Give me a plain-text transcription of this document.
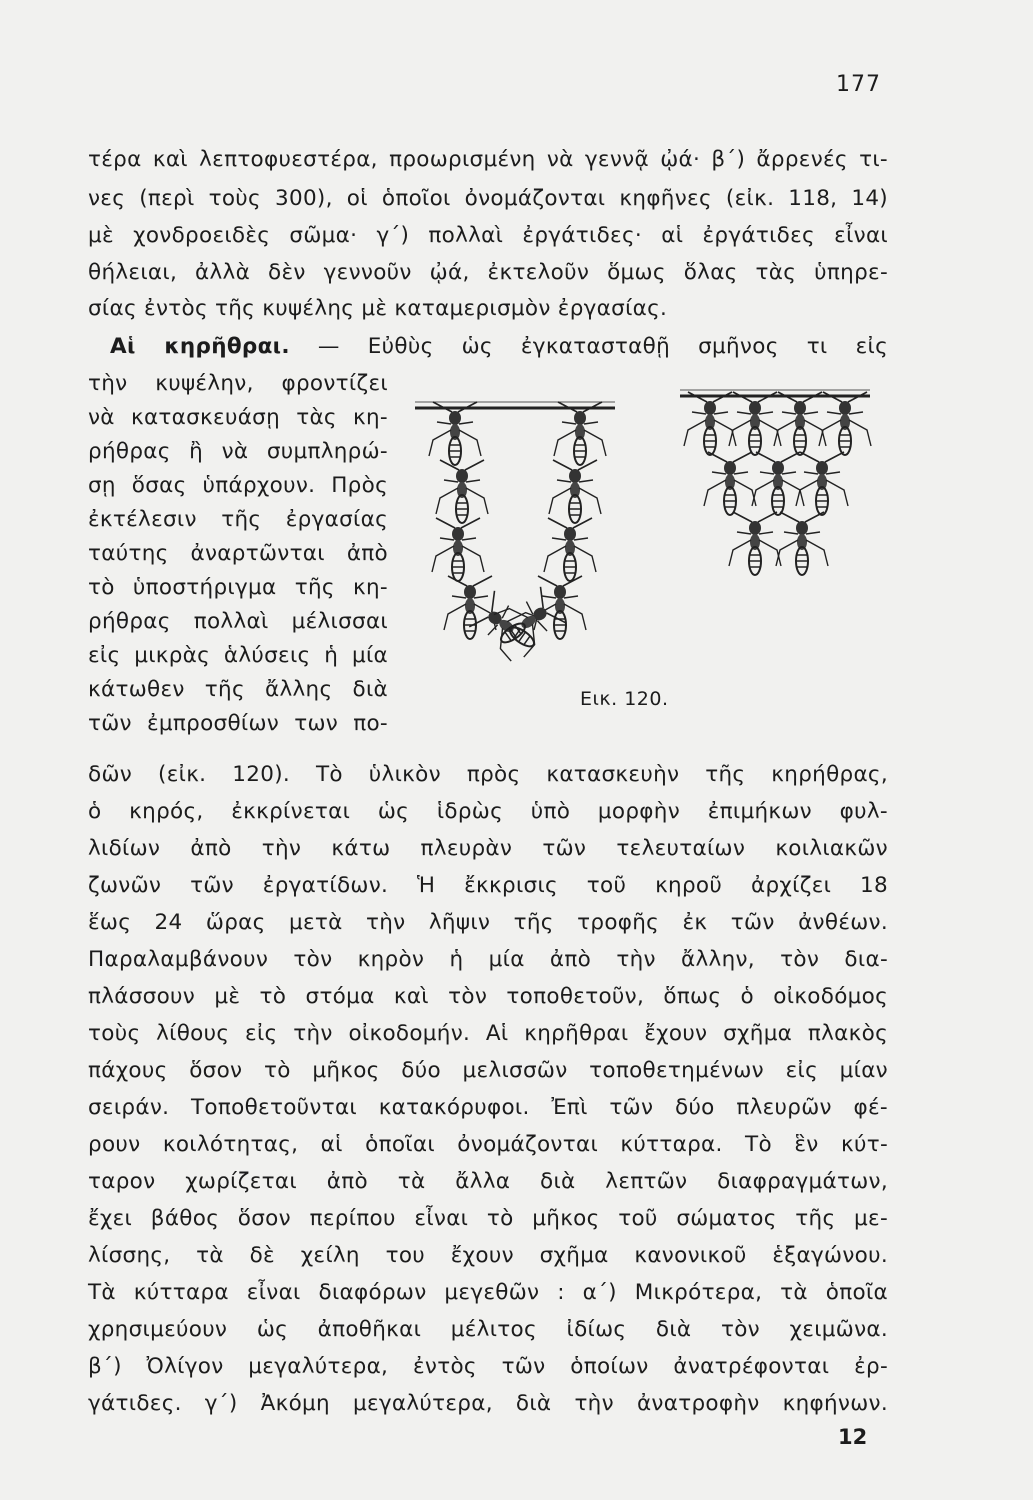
177
τέρα καὶ λεπτοφυεστέρα, προωρισμένη νὰ γεννᾷ ᾠά· β΄) ἄρρενές τι-
νες (περὶ τοὺς 300), οἱ ὁποῖοι ὀνομάζονται κηφῆνες (εἰκ. 118, 14)
μὲ χονδροειδὲς σῶμα· γ΄) πολλαὶ ἐργάτιδες· αἱ ἐργάτιδες εἶναι
θήλειαι, ἀλλὰ δὲν γεννοῦν ᾠά, ἐκτελοῦν ὅμως ὅλας τὰς ὑπηρε-
σίας ἐντὸς τῆς κυψέλης μὲ καταμερισμὸν ἐργασίας.
Αἱ κηρῆθραι. — Εὐθὺς ὡς ἐγκατασταθῇ σμῆνος τι εἰς
τὴν κυψέλην, φροντίζει
νὰ κατασκευάσῃ τὰς κη-
ρήθρας ἢ νὰ συμπληρώ-
σῃ ὅσας ὑπάρχουν. Πρὸς
ἐκτέλεσιν τῆς ἐργασίας
ταύτης ἀναρτῶνται ἀπὸ
τὸ ὑποστήριγμα τῆς κη-
ρήθρας πολλαὶ μέλισσαι
εἰς μικρὰς ἁλύσεις ἡ μία
κάτωθεν τῆς ἄλλης διὰ
τῶν ἐμπροσθίων των πο-
Εικ. 120.
δῶν (εἰκ. 120). Τὸ ὑλικὸν πρὸς κατασκευὴν τῆς κηρήθρας,
ὁ κηρός, ἐκκρίνεται ὡς ἱδρὼς ὑπὸ μορφὴν ἐπιμήκων φυλ-
λιδίων ἀπὸ τὴν κάτω πλευρὰν τῶν τελευταίων κοιλιακῶν
ζωνῶν τῶν ἐργατίδων. Ἡ ἔκκρισις τοῦ κηροῦ ἀρχίζει 18
ἕως 24 ὥρας μετὰ τὴν λῆψιν τῆς τροφῆς ἐκ τῶν ἀνθέων.
Παραλαμβάνουν τὸν κηρὸν ἡ μία ἀπὸ τὴν ἄλλην, τὸν δια-
πλάσσουν μὲ τὸ στόμα καὶ τὸν τοποθετοῦν, ὅπως ὁ οἰκοδόμος
τοὺς λίθους εἰς τὴν οἰκοδομήν. Αἱ κηρῆθραι ἔχουν σχῆμα πλακὸς
πάχους ὅσον τὸ μῆκος δύο μελισσῶν τοποθετημένων εἰς μίαν
σειράν. Τοποθετοῦνται κατακόρυφοι. Ἐπὶ τῶν δύο πλευρῶν φέ-
ρουν κοιλότητας, αἱ ὁποῖαι ὀνομάζονται κύτταρα. Τὸ ἓν κύτ-
ταρον χωρίζεται ἀπὸ τὰ ἄλλα διὰ λεπτῶν διαφραγμάτων,
ἔχει βάθος ὅσον περίπου εἶναι τὸ μῆκος τοῦ σώματος τῆς με-
λίσσης, τὰ δὲ χείλη του ἔχουν σχῆμα κανονικοῦ ἑξαγώνου.
Τὰ κύτταρα εἶναι διαφόρων μεγεθῶν : α΄) Μικρότερα, τὰ ὁποῖα
χρησιμεύουν ὡς ἀποθῆκαι μέλιτος ἰδίως διὰ τὸν χειμῶνα.
β΄) Ὀλίγον μεγαλύτερα, ἐντὸς τῶν ὁποίων ἀνατρέφονται ἐρ-
γάτιδες. γ΄) Ἀκόμη μεγαλύτερα, διὰ τὴν ἀνατροφὴν κηφήνων.
12
